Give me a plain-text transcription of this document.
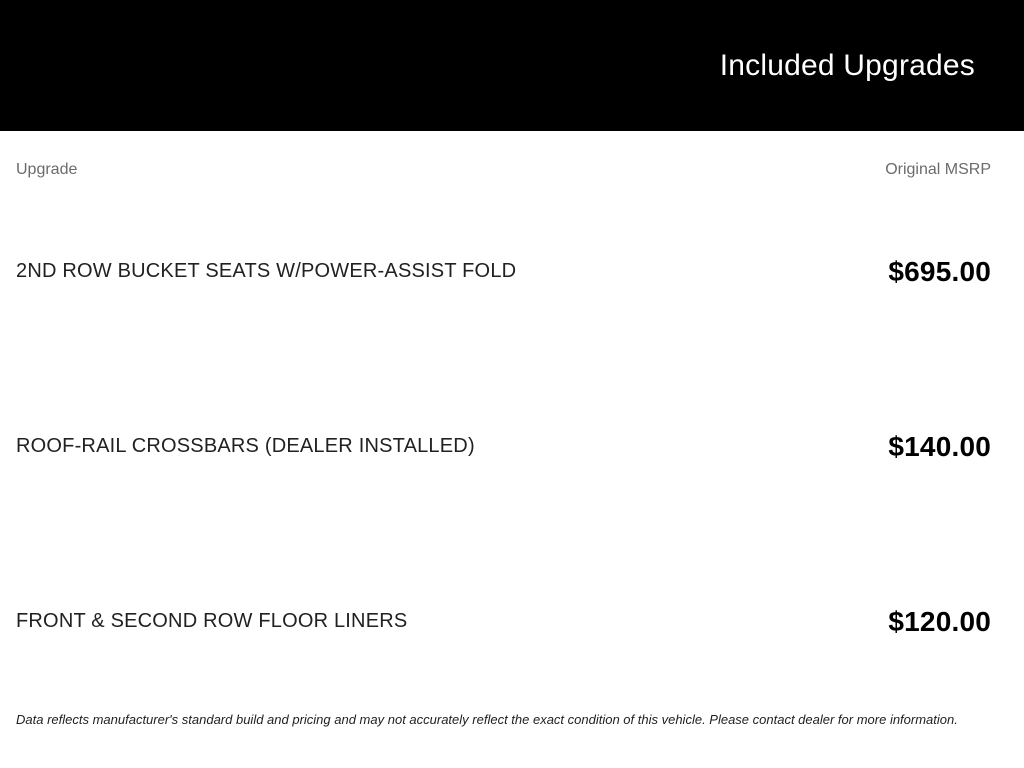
Included Upgrades
Upgrade	Original MSRP
2ND ROW BUCKET SEATS W/POWER-ASSIST FOLD	$695.00
ROOF-RAIL CROSSBARS (DEALER INSTALLED)	$140.00
FRONT & SECOND ROW FLOOR LINERS	$120.00
Data reflects manufacturer's standard build and pricing and may not accurately reflect the exact condition of this vehicle. Please contact dealer for more information.
